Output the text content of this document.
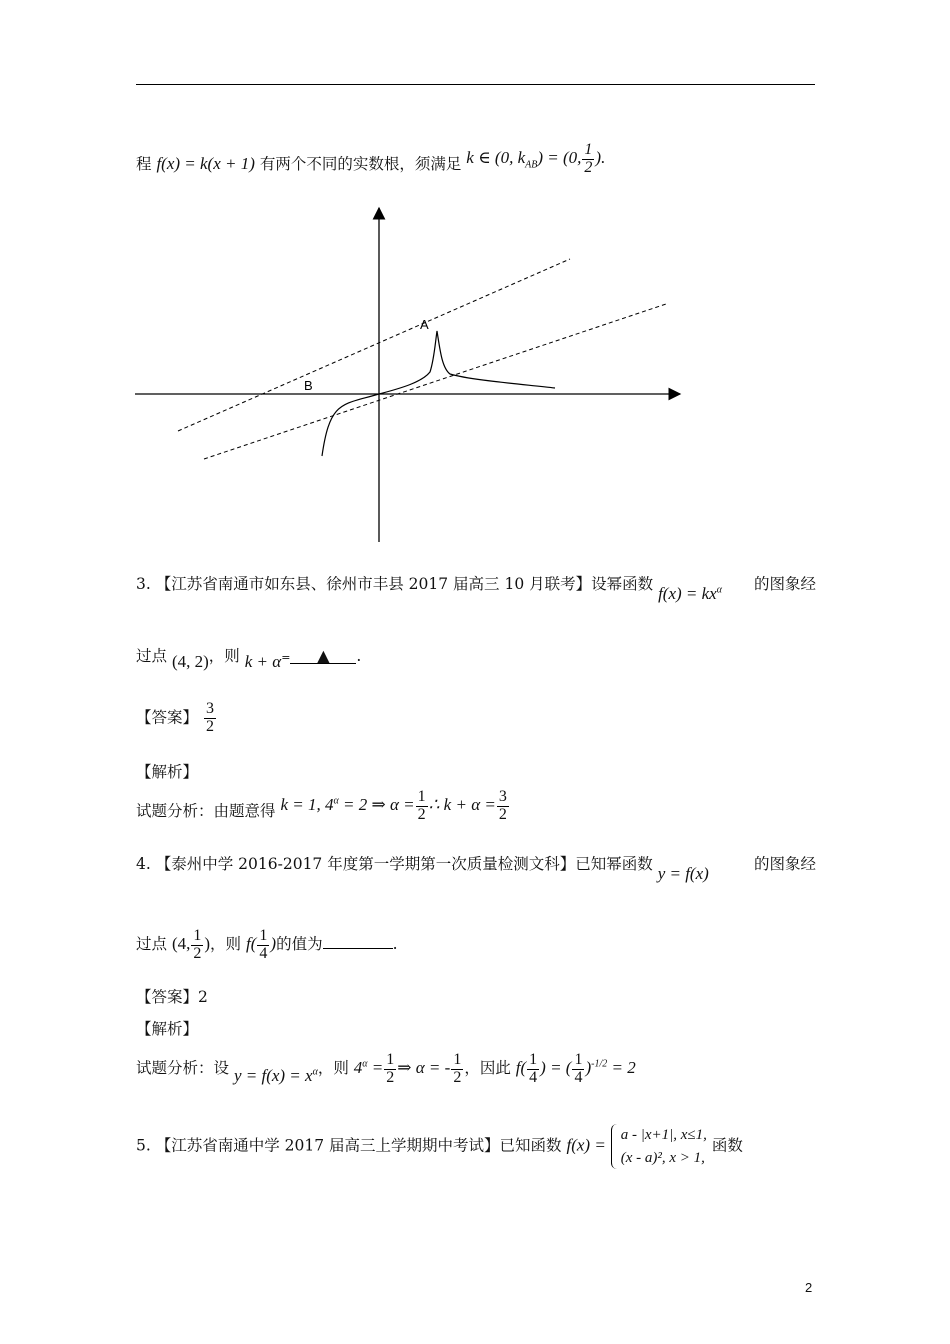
程 f(x) = k(x + 1) 有两个不同的实数根，须满足 k ∈ (0, $k_{AB}) = (0$, $\frac{1}{2}$ ).
A
B
3. 【江苏省南通市如东县、徐州市丰县 2017 届高三 10 月联考】设幂函数 $f(x) = kx^\alpha$ 的图象经
过点 (4, 2)，则 k + α= ▲ .
【答案】 $\frac{3}{2}$
【解析】
试题分析：由题意得 k = 1, $4^\alpha = 2$ ⇒ $\alpha = \frac{1}{2}$ ∴ $k + \alpha = \frac{3}{2}$
4. 【泰州中学 2016-2017 年度第一学期第一次质量检测文科】已知幂函数 y = f(x)	的图象经
过点 (4, $\frac{1}{2}$ )，则 $f( \frac{1}{4}$ )的值为	.
【答案】2
【解析】
试题分析：设 $y = f(x) = x^\alpha$，则 $4^\alpha = \frac{1}{2}$ ⇒ α = - $\frac{1}{2}$ ，因此 $f( \frac{1}{4}$ ) = ( $\frac{1}{4} )^{-1/2} = 2$
5. 【江苏省南通中学 2017 届高三上学期期中考试】已知函数 f(x) =
a - |x+1|, x≤1,
(x - a)², x > 1,
函数
2
